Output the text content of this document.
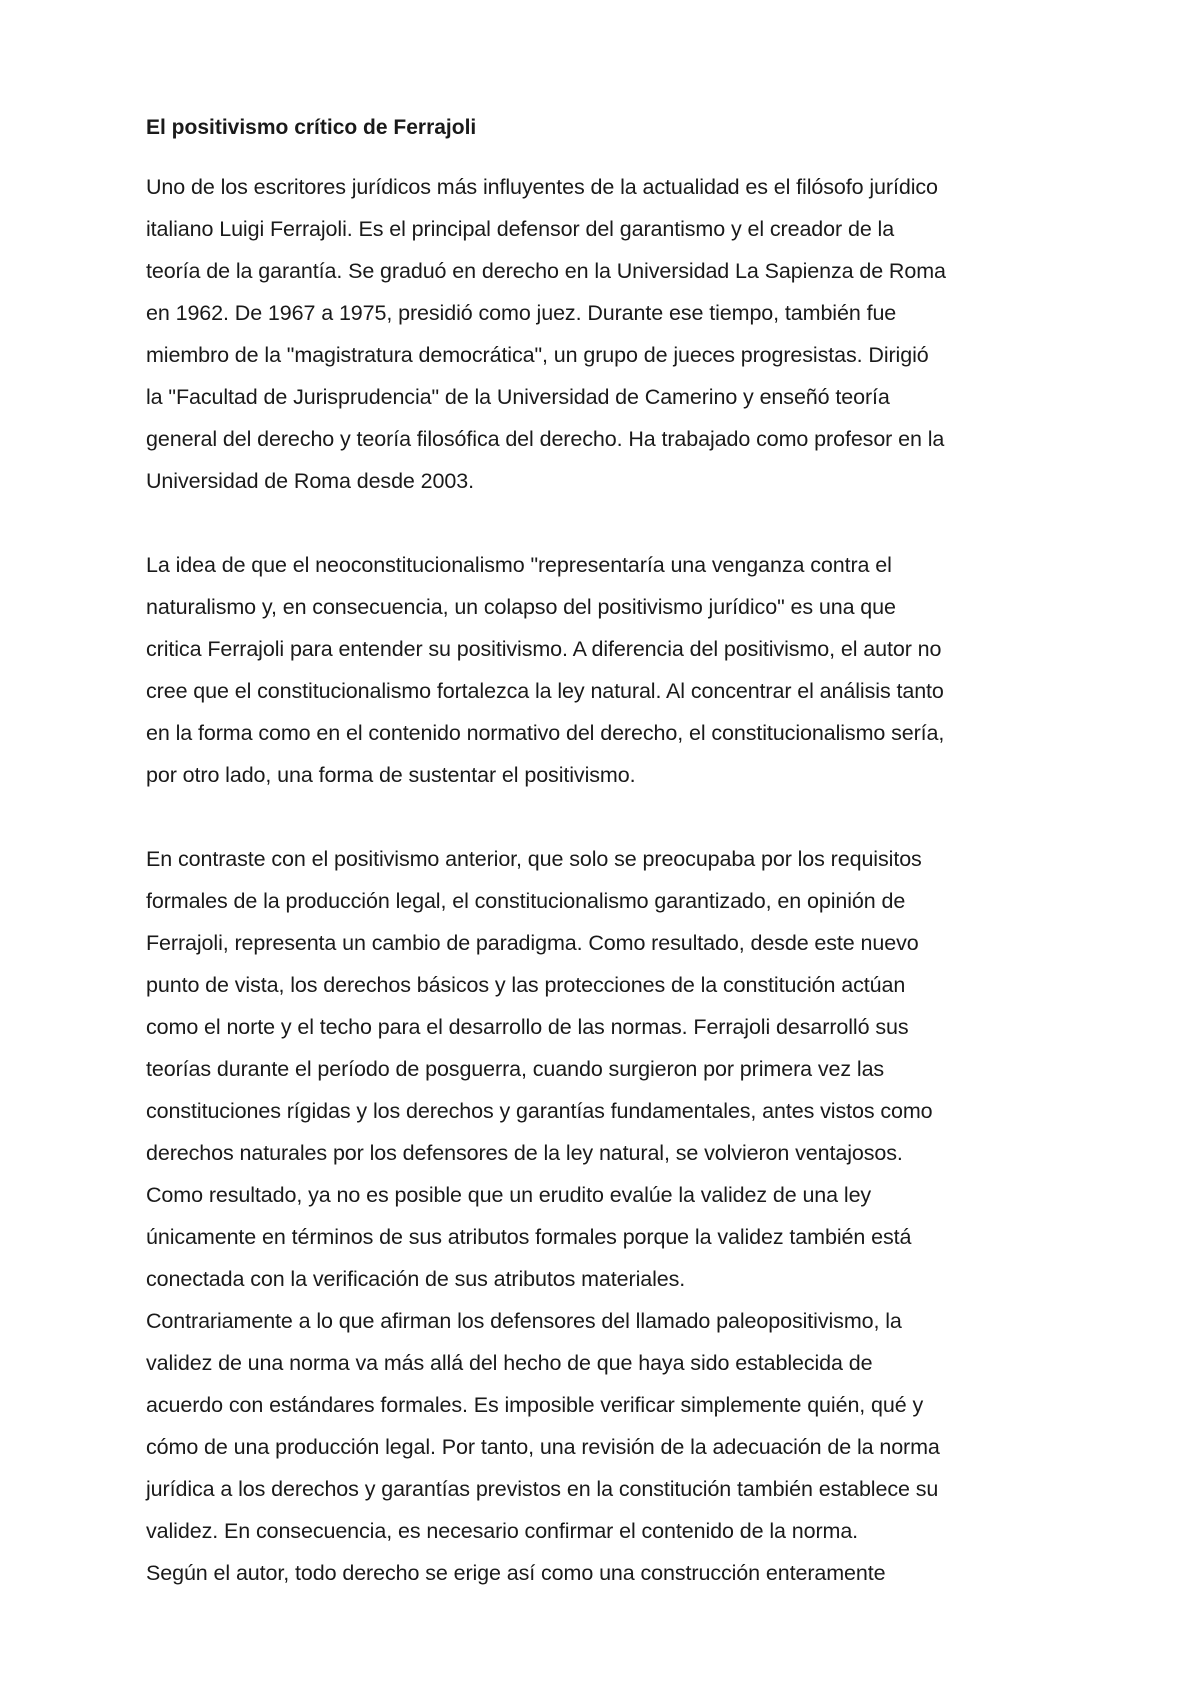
El positivismo crítico de Ferrajoli

Uno de los escritores jurídicos más influyentes de la actualidad es el filósofo jurídico

italiano Luigi Ferrajoli. Es el principal defensor del garantismo y el creador de la

teoría de la garantía. Se graduó en derecho en la Universidad La Sapienza de Roma

en 1962. De 1967 a 1975, presidió como juez. Durante ese tiempo, también fue

miembro de la "magistratura democrática", un grupo de jueces progresistas. Dirigió

la "Facultad de Jurisprudencia" de la Universidad de Camerino y enseñó teoría

general del derecho y teoría filosófica del derecho. Ha trabajado como profesor en la

Universidad de Roma desde 2003.

La idea de que el neoconstitucionalismo "representaría una venganza contra el

naturalismo y, en consecuencia, un colapso del positivismo jurídico" es una que

critica Ferrajoli para entender su positivismo. A diferencia del positivismo, el autor no

cree que el constitucionalismo fortalezca la ley natural. Al concentrar el análisis tanto

en la forma como en el contenido normativo del derecho, el constitucionalismo sería,

por otro lado, una forma de sustentar el positivismo.

En contraste con el positivismo anterior, que solo se preocupaba por los requisitos

formales de la producción legal, el constitucionalismo garantizado, en opinión de

Ferrajoli, representa un cambio de paradigma. Como resultado, desde este nuevo

punto de vista, los derechos básicos y las protecciones de la constitución actúan

como el norte y el techo para el desarrollo de las normas. Ferrajoli desarrolló sus

teorías durante el período de posguerra, cuando surgieron por primera vez las

constituciones rígidas y los derechos y garantías fundamentales, antes vistos como

derechos naturales por los defensores de la ley natural, se volvieron ventajosos.

Como resultado, ya no es posible que un erudito evalúe la validez de una ley

únicamente en términos de sus atributos formales porque la validez también está

conectada con la verificación de sus atributos materiales.

Contrariamente a lo que afirman los defensores del llamado paleopositivismo, la

validez de una norma va más allá del hecho de que haya sido establecida de

acuerdo con estándares formales. Es imposible verificar simplemente quién, qué y

cómo de una producción legal. Por tanto, una revisión de la adecuación de la norma

jurídica a los derechos y garantías previstos en la constitución también establece su

validez. En consecuencia, es necesario confirmar el contenido de la norma.

Según el autor, todo derecho se erige así como una construcción enteramente
